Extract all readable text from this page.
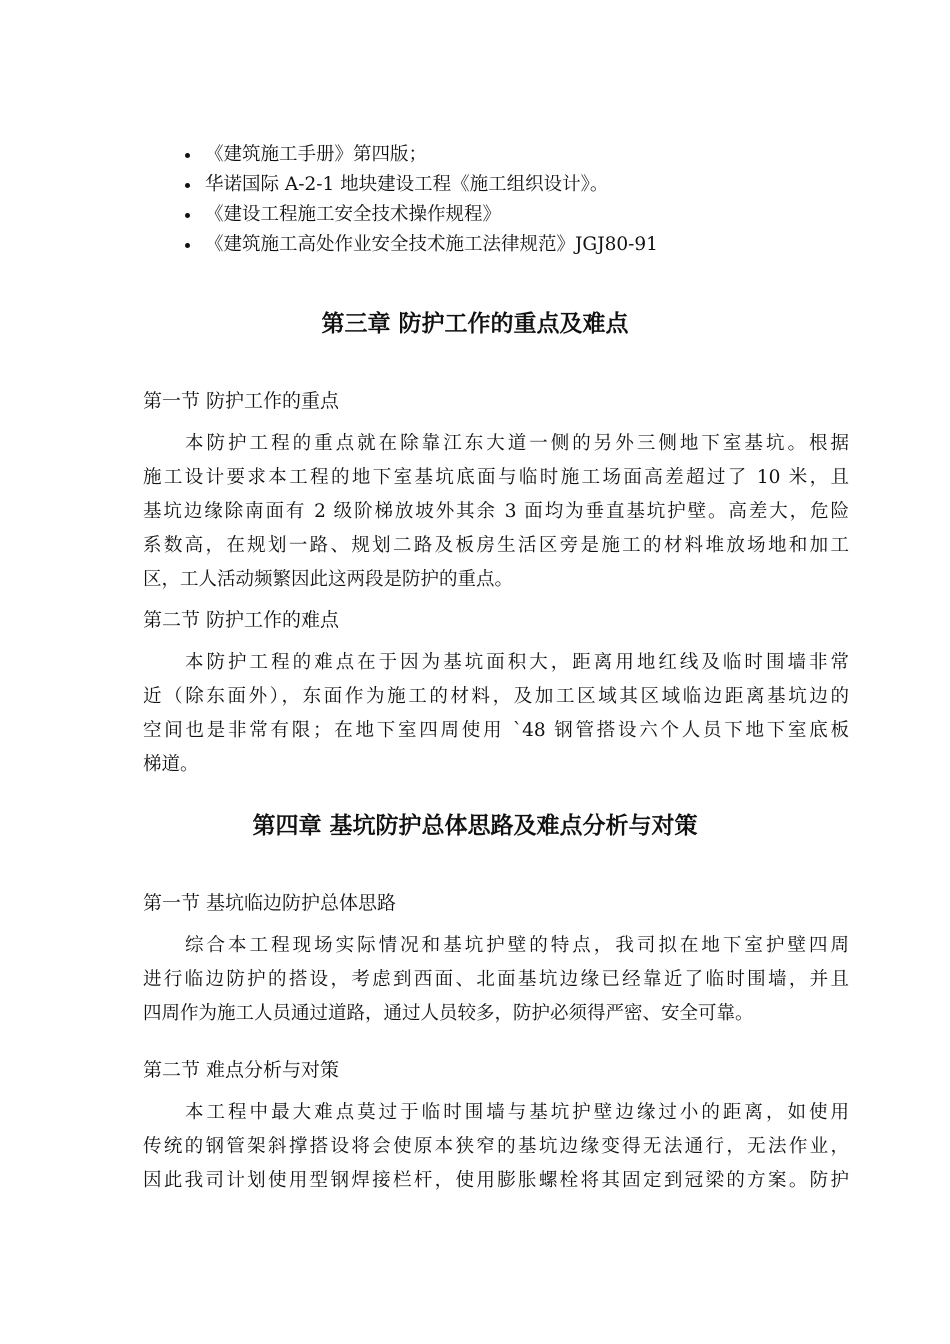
《建筑施工手册》第四版；
华诺国际 A-2-1 地块建设工程《施工组织设计》。
《建设工程施工安全技术操作规程》
《建筑施工高处作业安全技术施工法律规范》JGJ80-91
第三章 防护工作的重点及难点
第一节 防护工作的重点
本防护工程的重点就在除靠江东大道一侧的另外三侧地下室基坑。根据
施工设计要求本工程的地下室基坑底面与临时施工场面高差超过了 10 米，且
基坑边缘除南面有 2 级阶梯放坡外其余 3 面均为垂直基坑护壁。高差大，危险
系数高，在规划一路、规划二路及板房生活区旁是施工的材料堆放场地和加工
区，工人活动频繁因此这两段是防护的重点。
第二节 防护工作的难点
本防护工程的难点在于因为基坑面积大，距离用地红线及临时围墙非常
近（除东面外），东面作为施工的材料，及加工区域其区域临边距离基坑边的
空间也是非常有限；在地下室四周使用 `48 钢管搭设六个人员下地下室底板
梯道。
第四章 基坑防护总体思路及难点分析与对策
第一节 基坑临边防护总体思路
综合本工程现场实际情况和基坑护壁的特点，我司拟在地下室护壁四周
进行临边防护的搭设，考虑到西面、北面基坑边缘已经靠近了临时围墙，并且
四周作为施工人员通过道路，通过人员较多，防护必须得严密、安全可靠。
第二节 难点分析与对策
本工程中最大难点莫过于临时围墙与基坑护壁边缘过小的距离，如使用
传统的钢管架斜撑搭设将会使原本狭窄的基坑边缘变得无法通行，无法作业，
因此我司计划使用型钢焊接栏杆，使用膨胀螺栓将其固定到冠梁的方案。防护
